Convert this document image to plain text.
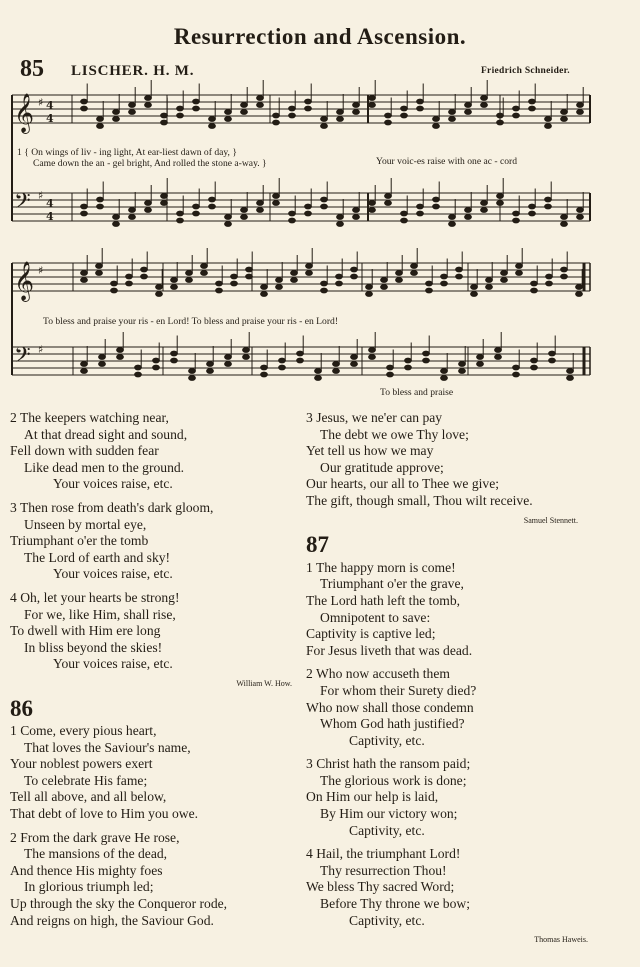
Resurrection and Ascension.
85 LISCHER. H. M.	Friedrich Schneider.
𝄞
𝄢
𝄞
𝄢
♯
♯
♯
♯
4
4
4
4
1 { On wings of liv - ing light, At ear-liest dawn of day, }
Came down the an - gel bright, And rolled the stone a-way. }	Your voic-es raise with one ac - cord
To bless and praise your ris - en Lord! To bless and praise your ris - en Lord!
To bless and praise
2 The keepers watching near,
At that dread sight and sound,
Fell down with sudden fear
Like dead men to the ground.
Your voices raise, etc.
3 Then rose from death's dark gloom,
Unseen by mortal eye,
Triumphant o'er the tomb
The Lord of earth and sky!
Your voices raise, etc.
4 Oh, let your hearts be strong!
For we, like Him, shall rise,
To dwell with Him ere long
In bliss beyond the skies!
Your voices raise, etc.
William W. How.
86
1 Come, every pious heart,
That loves the Saviour's name,
Your noblest powers exert
To celebrate His fame;
Tell all above, and all below,
That debt of love to Him you owe.
2 From the dark grave He rose,
The mansions of the dead,
And thence His mighty foes
In glorious triumph led;
Up through the sky the Conqueror rode,
And reigns on high, the Saviour God.
3 Jesus, we ne'er can pay
The debt we owe Thy love;
Yet tell us how we may
Our gratitude approve;
Our hearts, our all to Thee we give;
The gift, though small, Thou wilt receive.
Samuel Stennett.
87
1 The happy morn is come!
Triumphant o'er the grave,
The Lord hath left the tomb,
Omnipotent to save:
Captivity is captive led;
For Jesus liveth that was dead.
2 Who now accuseth them
For whom their Surety died?
Who now shall those condemn
Whom God hath justified?
Captivity, etc.
3 Christ hath the ransom paid;
The glorious work is done;
On Him our help is laid,
By Him our victory won;
Captivity, etc.
4 Hail, the triumphant Lord!
Thy resurrection Thou!
We bless Thy sacred Word;
Before Thy throne we bow;
Captivity, etc.
Thomas Haweis.
